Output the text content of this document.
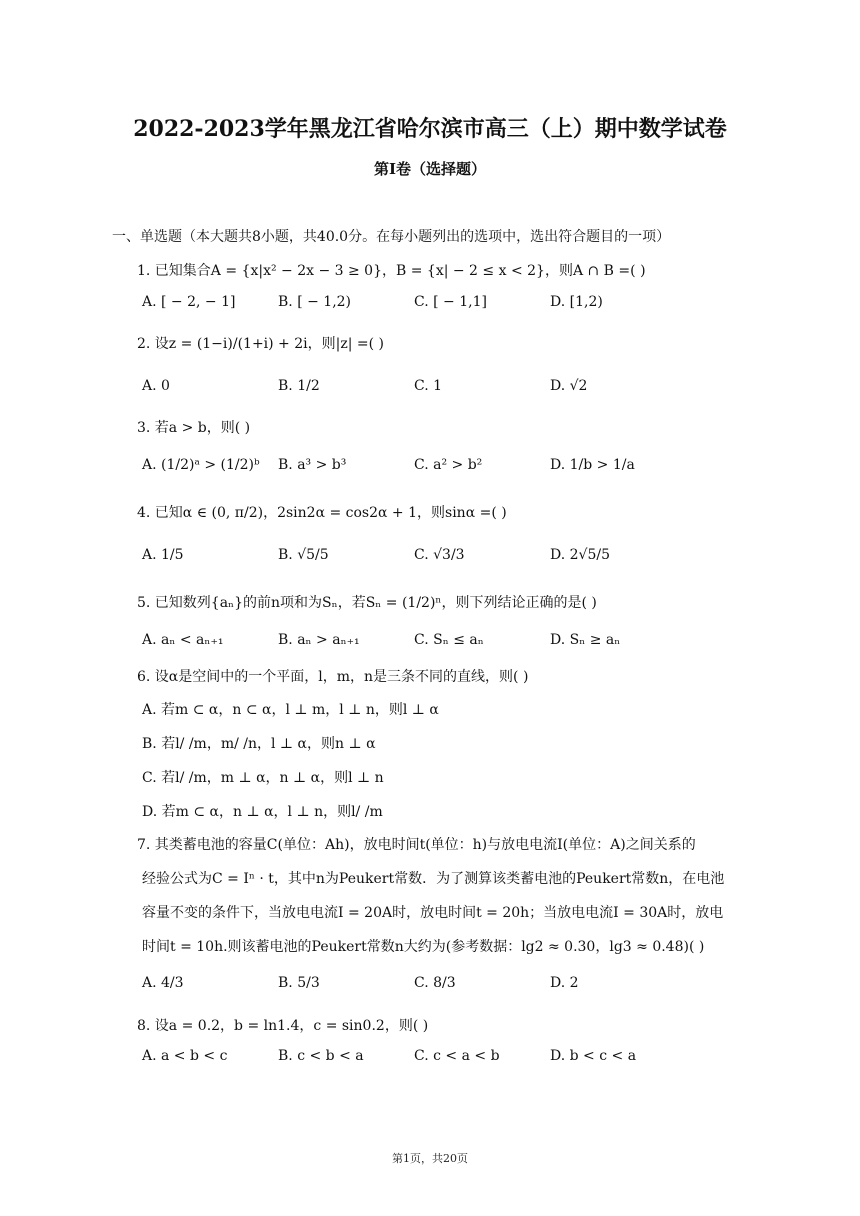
2022-2023学年黑龙江省哈尔滨市高三（上）期中数学试卷
第I卷（选择题）
一、单选题（本大题共8小题，共40.0分。在每小题列出的选项中，选出符合题目的一项）
1. 已知集合A = {x|x² − 2x − 3 ≥ 0}，B = {x| − 2 ≤ x < 2}，则A ∩ B =( )
A. [ − 2, − 1]	B. [ − 1,2)	C. [ − 1,1]	D. [1,2)
2. 设z = (1−i)/(1+i) + 2i，则|z| =( )
A. 0	B. 1/2	C. 1	D. √2
3. 若a > b，则( )
A. (1/2)ᵃ > (1/2)ᵇ B. a³ > b³	C. a² > b²	D. 1/b > 1/a
4. 已知α ∈ (0, π/2)，2sin2α = cos2α + 1，则sinα =( )
A. 1/5	B. √5/5	C. √3/3	D. 2√5/5
5. 已知数列{aₙ}的前n项和为Sₙ，若Sₙ = (1/2)ⁿ，则下列结论正确的是( )
A. aₙ < aₙ₊₁	B. aₙ > aₙ₊₁	C. Sₙ ≤ aₙ	D. Sₙ ≥ aₙ
6. 设α是空间中的一个平面，l，m，n是三条不同的直线，则( )
A. 若m ⊂ α，n ⊂ α，l ⊥ m，l ⊥ n，则l ⊥ α
B. 若l/ /m，m/ /n，l ⊥ α，则n ⊥ α
C. 若l/ /m，m ⊥ α，n ⊥ α，则l ⊥ n
D. 若m ⊂ α，n ⊥ α，l ⊥ n，则l/ /m
7. 其类蓄电池的容量C(单位：Ah)，放电时间t(单位：h)与放电电流I(单位：A)之间关系的
经验公式为C = Iⁿ · t，其中n为Peukert常数．为了测算该类蓄电池的Peukert常数n，在电池
容量不变的条件下，当放电电流I = 20A时，放电时间t = 20h；当放电电流I = 30A时，放电
时间t = 10h.则该蓄电池的Peukert常数n大约为(参考数据：lg2 ≈ 0.30，lg3 ≈ 0.48)( )
A. 4/3	B. 5/3	C. 8/3	D. 2
8. 设a = 0.2，b = ln1.4，c = sin0.2，则( )
A. a < b < c	B. c < b < a	C. c < a < b	D. b < c < a
第1页，共20页
